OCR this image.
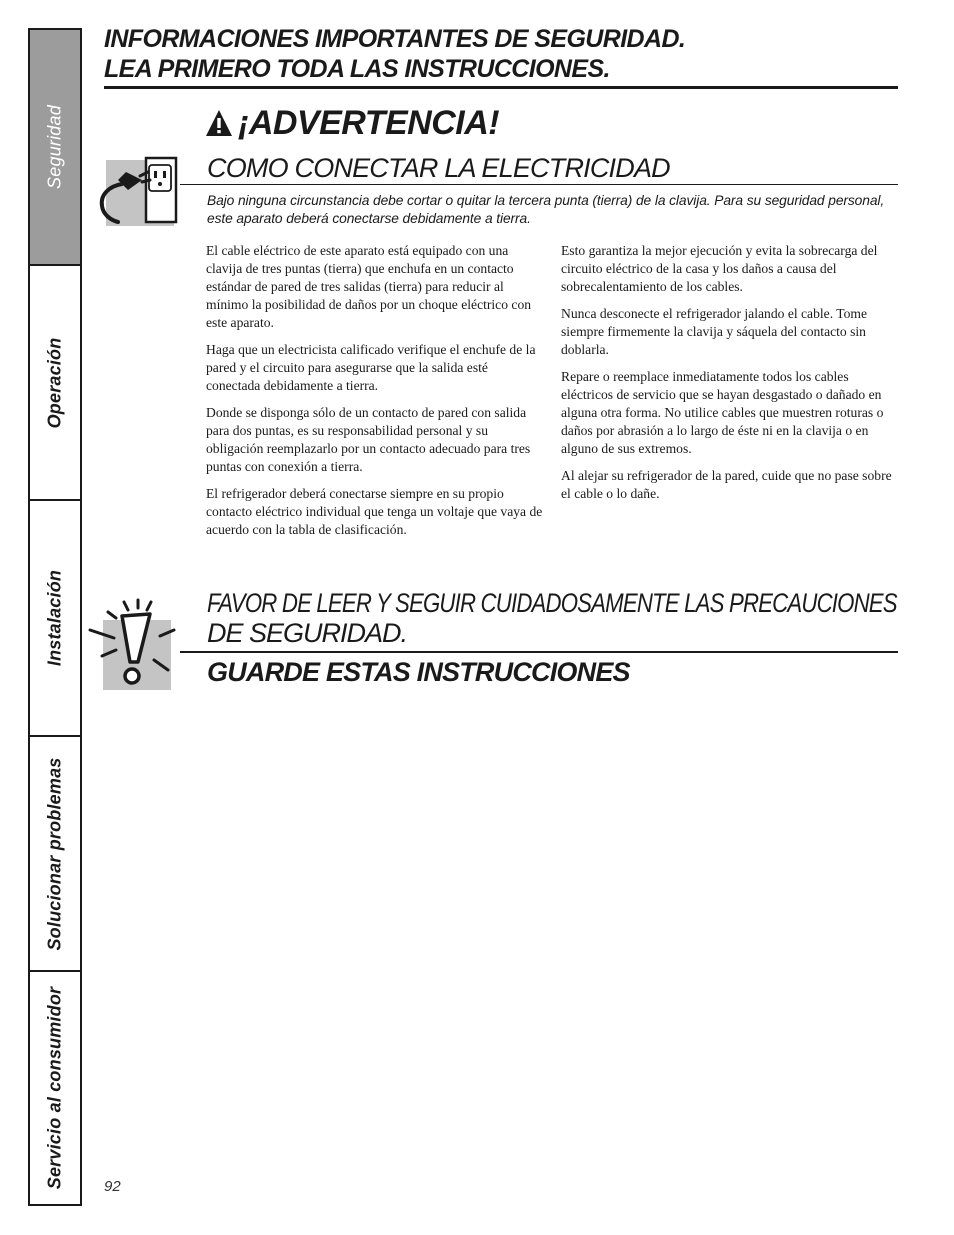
Seguridad
Operación
Instalación
Solucionar problemas
Servicio al consumidor
INFORMACIONES IMPORTANTES DE SEGURIDAD. LEA PRIMERO TODA LAS INSTRUCCIONES.
¡ADVERTENCIA!
COMO CONECTAR LA ELECTRICIDAD
Bajo ninguna circunstancia debe cortar o quitar la tercera punta (tierra) de la clavija. Para su seguridad personal, este aparato deberá conectarse debidamente a tierra.

El cable eléctrico de este aparato está equipado con una clavija de tres puntas (tierra) que enchufa en un contacto estándar de pared de tres salidas (tierra) para reducir al mínimo la posibilidad de daños por un choque eléctrico con este aparato.

Haga que un electricista calificado verifique el enchufe de la pared y el circuito para asegurarse que la salida esté conectada debidamente a tierra.

Donde se disponga sólo de un contacto de pared con salida para dos puntas, es su responsabilidad personal y su obligación reemplazarlo por un contacto adecuado para tres puntas con conexión a tierra.

El refrigerador deberá conectarse siempre en su propio contacto eléctrico individual que tenga un voltaje que vaya de acuerdo con la tabla de clasificación.

Esto garantiza la mejor ejecución y evita la sobrecarga del circuito eléctrico de la casa y los daños a causa del sobrecalentamiento de los cables.

Nunca desconecte el refrigerador jalando el cable. Tome siempre firmemente la clavija y sáquela del contacto sin doblarla.

Repare o reemplace inmediatamente todos los cables eléctricos de servicio que se hayan desgastado o dañado en alguna otra forma. No utilice cables que muestren roturas o daños por abrasión a lo largo de éste ni en la clavija o en alguno de sus extremos.

Al alejar su refrigerador de la pared, cuide que no pase sobre el cable o lo dañe.

FAVOR DE LEER Y SEGUIR CUIDADOSAMENTE LAS PRECAUCIONES DE SEGURIDAD.
GUARDE ESTAS INSTRUCCIONES
92
